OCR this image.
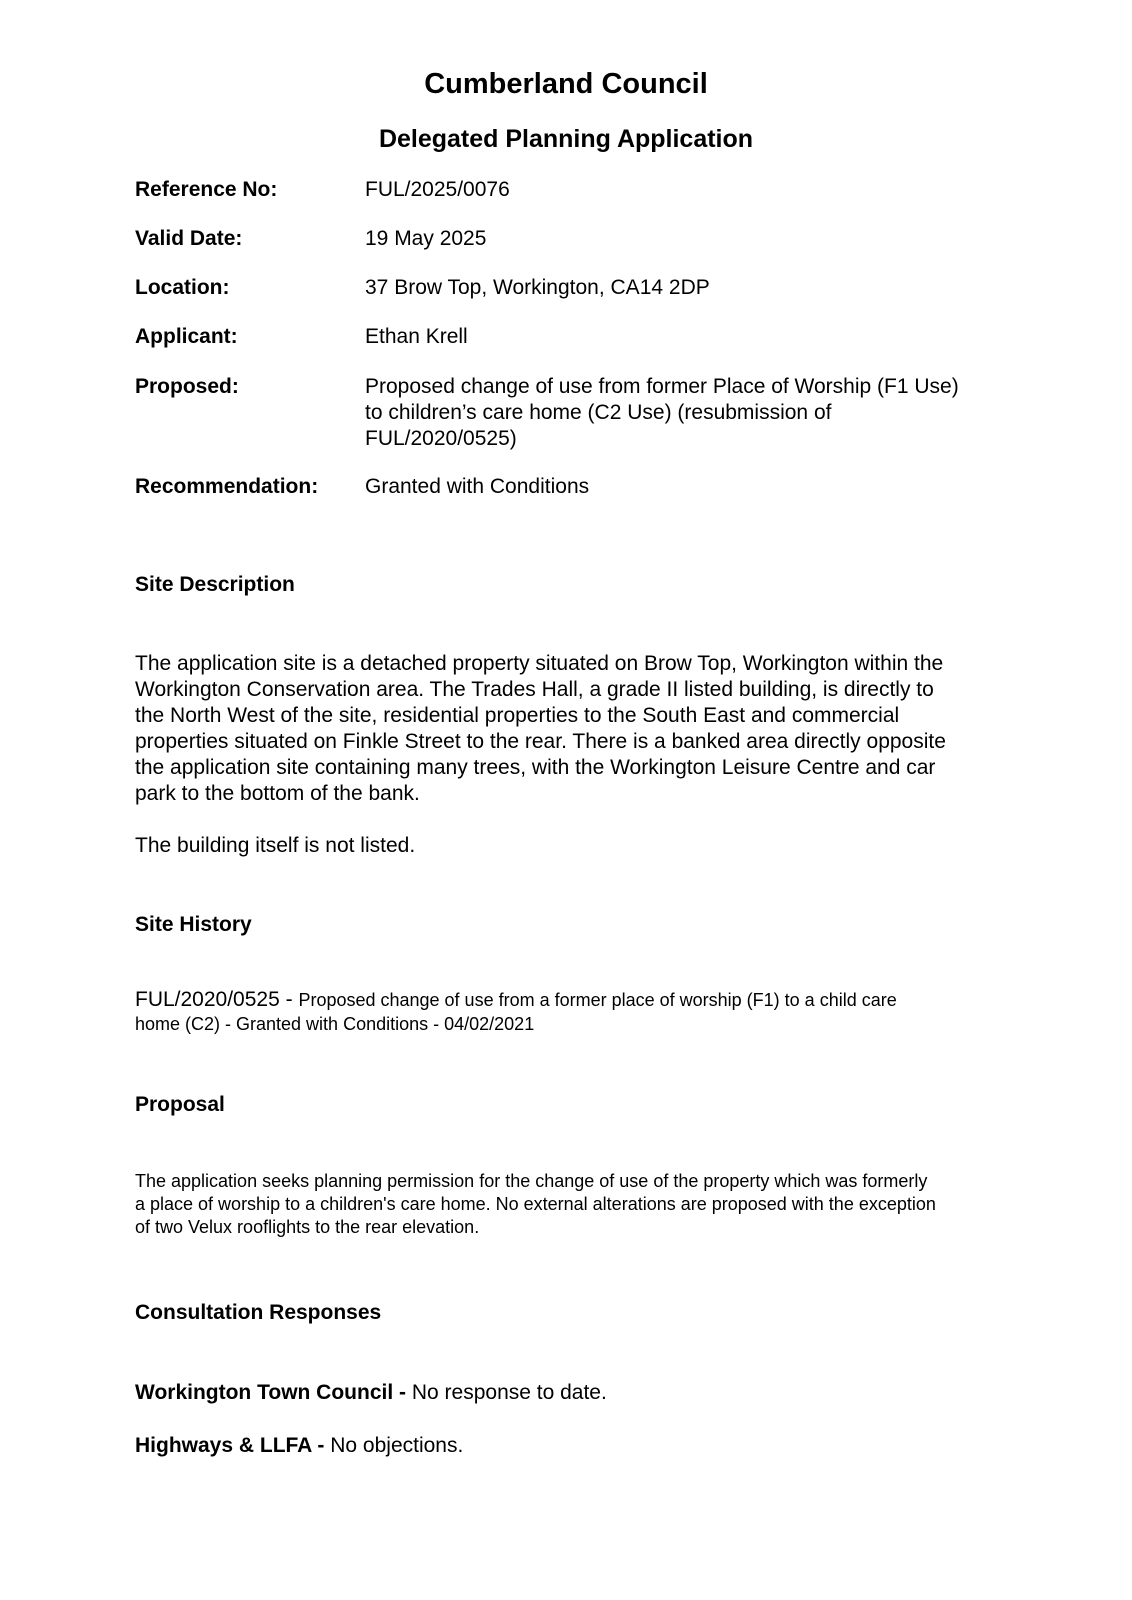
Cumberland Council
Delegated Planning Application
Reference No:	FUL/2025/0076
Valid Date:	19 May 2025
Location:	37 Brow Top, Workington, CA14 2DP
Applicant:	Ethan Krell
Proposed:	Proposed change of use from former Place of Worship (F1 Use)
to children’s care home (C2 Use) (resubmission of
FUL/2020/0525)
Recommendation: Granted with Conditions
Site Description
The application site is a detached property situated on Brow Top, Workington within the
Workington Conservation area. The Trades Hall, a grade II listed building, is directly to
the North West of the site, residential properties to the South East and commercial
properties situated on Finkle Street to the rear. There is a banked area directly opposite
the application site containing many trees, with the Workington Leisure Centre and car
park to the bottom of the bank.

The building itself is not listed.

Site History
FUL/2020/0525 - Proposed change of use from a former place of worship (F1) to a child care
home (C2) - Granted with Conditions - 04/02/2021
Proposal
The application seeks planning permission for the change of use of the property which was formerly
a place of worship to a children's care home. No external alterations are proposed with the exception
of two Velux rooflights to the rear elevation.
Consultation Responses

Workington Town Council - No response to date.

Highways & LLFA - No objections.
